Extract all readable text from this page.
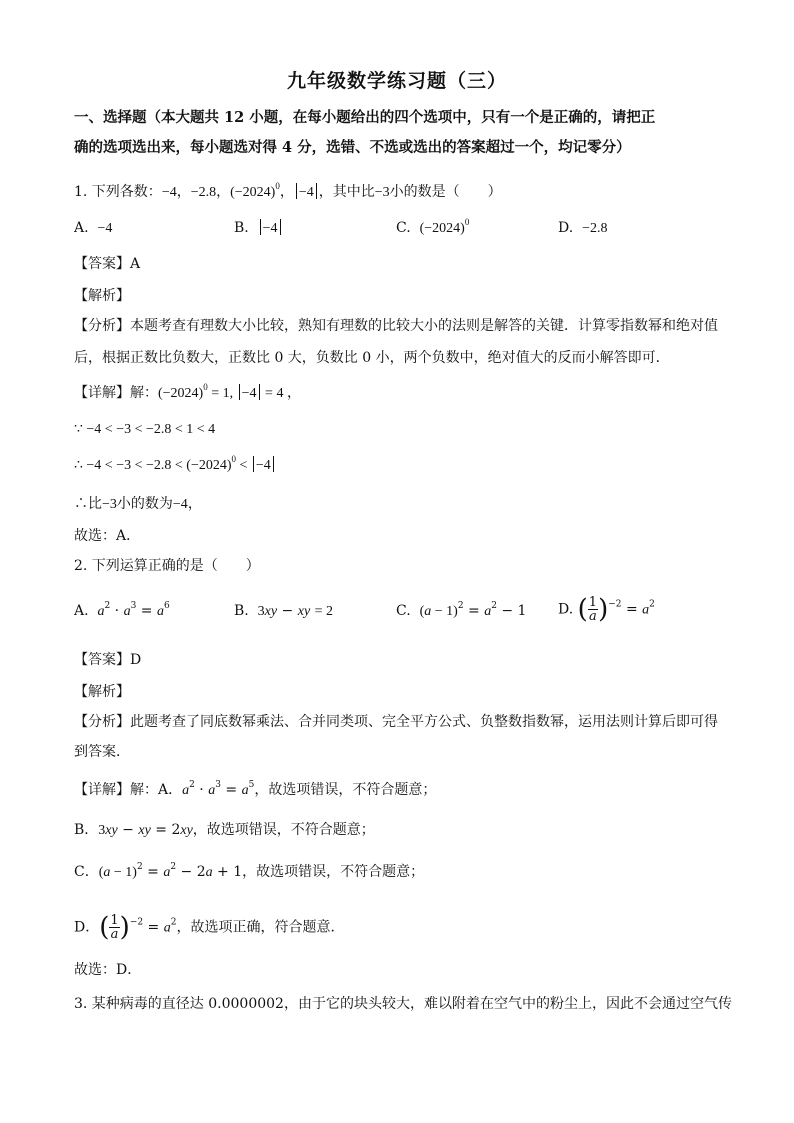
九年级数学练习题（三）
一、选择题（本大题共 12 小题，在每小题给出的四个选项中，只有一个是正确的，请把正
确的选项选出来，每小题选对得 4 分，选错、不选或选出的答案超过一个，均记零分）
1. 下列各数：−4，−2.8，$(-2024)^0$， −4 ，其中比−3小的数是（　　）
A. −4	B. −4	C. $(-2024)^0$	D. −2.8
【答案】A
【解析】
【分析】本题考查有理数大小比较，熟知有理数的比较大小的法则是解答的关键．计算零指数幂和绝对值
后，根据正数比负数大，正数比 0 大，负数比 0 小，两个负数中，绝对值大的反而小解答即可．
【详解】解：$(-2024)^0 = 1$, −4 = 4 ，
∵ −4 < −3 < −2.8 < 1 < 4
∴ $-4 < -3 < -2.8 < (-2024)^0 < -4$
∴比−3小的数为−4，
故选：A．
2. 下列运算正确的是（　　）
A. $a^2 \cdot a^3 = a^6$	B. 3xy − xy = 2	C. $(a - 1)^2 = a^2 - 1$ D. ( $\frac{1}{a} )^{-2} = a^2$
【答案】D
【解析】
【分析】此题考查了同底数幂乘法、合并同类项、完全平方公式、负整数指数幂，运用法则计算后即可得
到答案．
【详解】解：A．$a^2 \cdot a^3 = a^5$，故选项错误，不符合题意；
B．3xy − xy = 2xy，故选项错误，不符合题意；
C．$(a - 1)^2 = a^2 - 2a + 1$，故选项错误，不符合题意；
D．( $\frac{1}{a} )^{-2} = a^2$，故选项正确，符合题意．
故选：D．
3. 某种病毒的直径达 0.0000002，由于它的块头较大，难以附着在空气中的粉尘上，因此不会通过空气传
